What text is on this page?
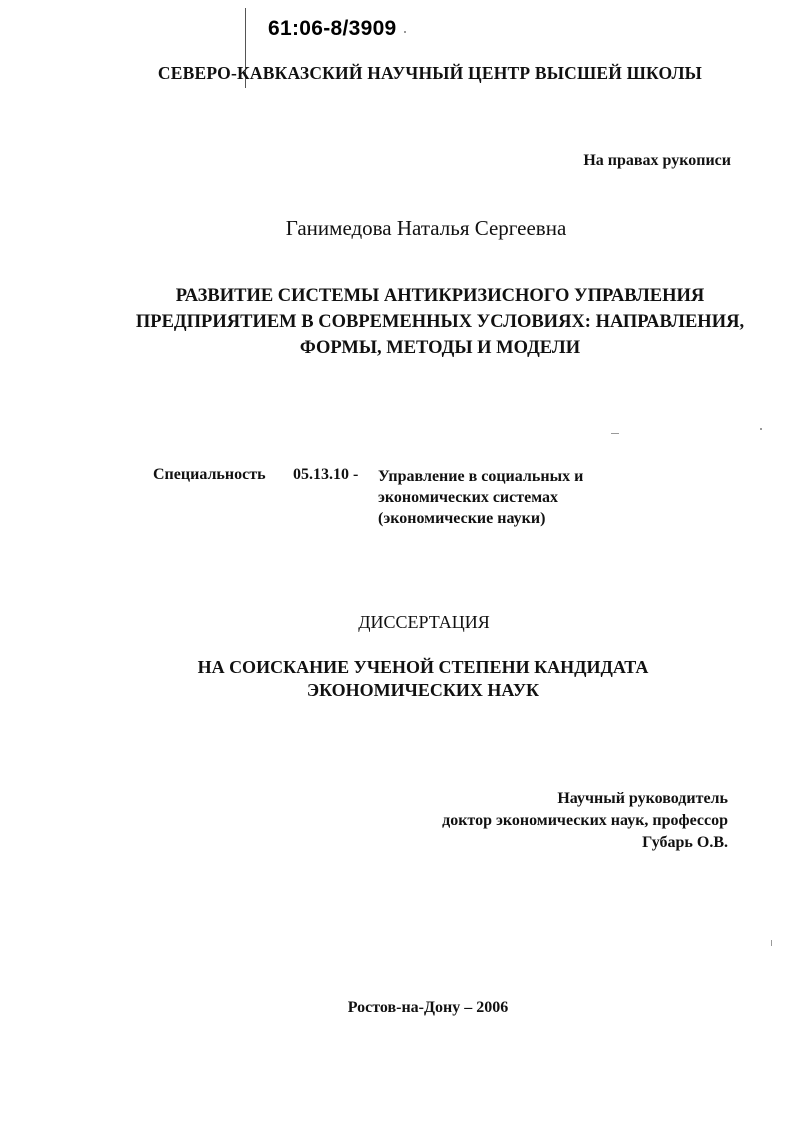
61:06-8/3909
СЕВЕРО-КАВКАЗСКИЙ НАУЧНЫЙ ЦЕНТР ВЫСШЕЙ ШКОЛЫ
На правах рукописи
Ганимедова Наталья Сергеевна
РАЗВИТИЕ СИСТЕМЫ АНТИКРИЗИСНОГО УПРАВЛЕНИЯ
ПРЕДПРИЯТИЕМ В СОВРЕМЕННЫХ УСЛОВИЯХ: НАПРАВЛЕНИЯ,
ФОРМЫ, МЕТОДЫ И МОДЕЛИ
Специальность 05.13.10 - Управление в социальных и
экономических системах
(экономические науки)
ДИССЕРТАЦИЯ
НА СОИСКАНИЕ УЧЕНОЙ СТЕПЕНИ КАНДИДАТА
ЭКОНОМИЧЕСКИХ НАУК
Научный руководитель
доктор экономических наук, профессор
Губарь О.В.
Ростов-на-Дону – 2006
